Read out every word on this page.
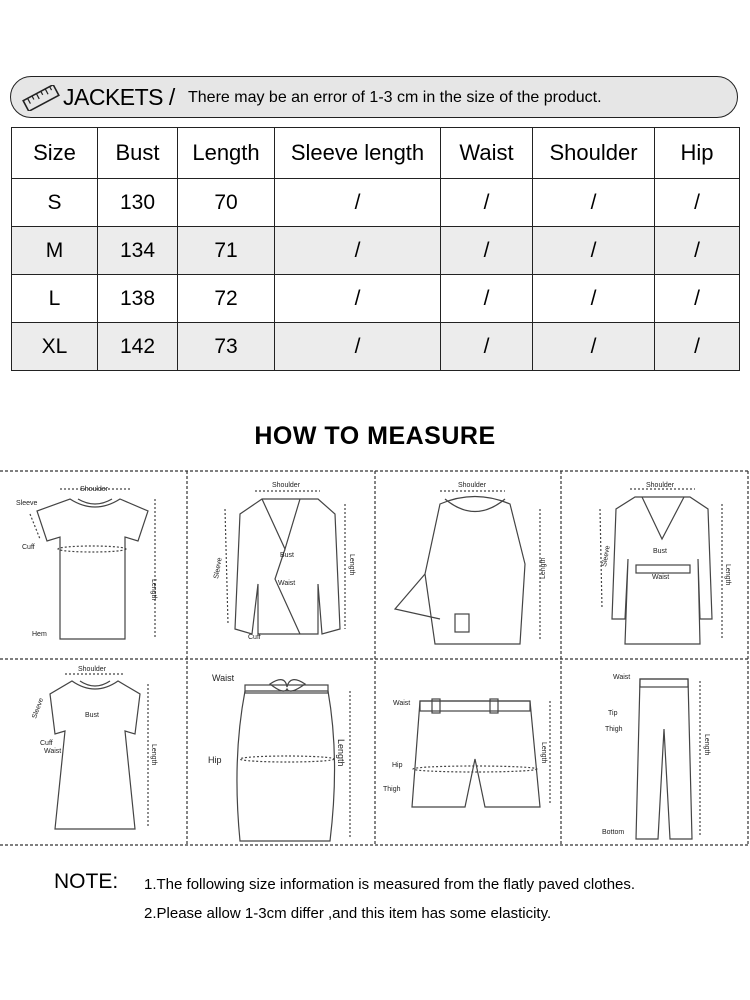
JACKETS / There may be an error of 1-3 cm in the size of the product.
Size	Bust	Length	Sleeve length	Waist	Shoulder	Hip
S	130	70	/	/	/	/
M	134	71	/	/	/	/
L	138	72	/	/	/	/
XL	142	73	/	/	/	/
HOW TO MEASURE
Shoulder
Sleeve
Cuff
Length
Hem
Shoulder
Sleeve
Bust
Waist
Length
Cuff
Shoulder
Length
Shoulder
Sleeve	Bust
Waist	Length
Shoulder
Sleeve	Bust
Cuff
Waist	Length
Waist
Hip	Length
Waist
Hip
Thigh
Length
Waist
Tip
Thigh
Length
Bottom
NOTE: 1.The following size information is measured from the flatly paved clothes.
2.Please allow 1-3cm differ ,and this item has some elasticity.
